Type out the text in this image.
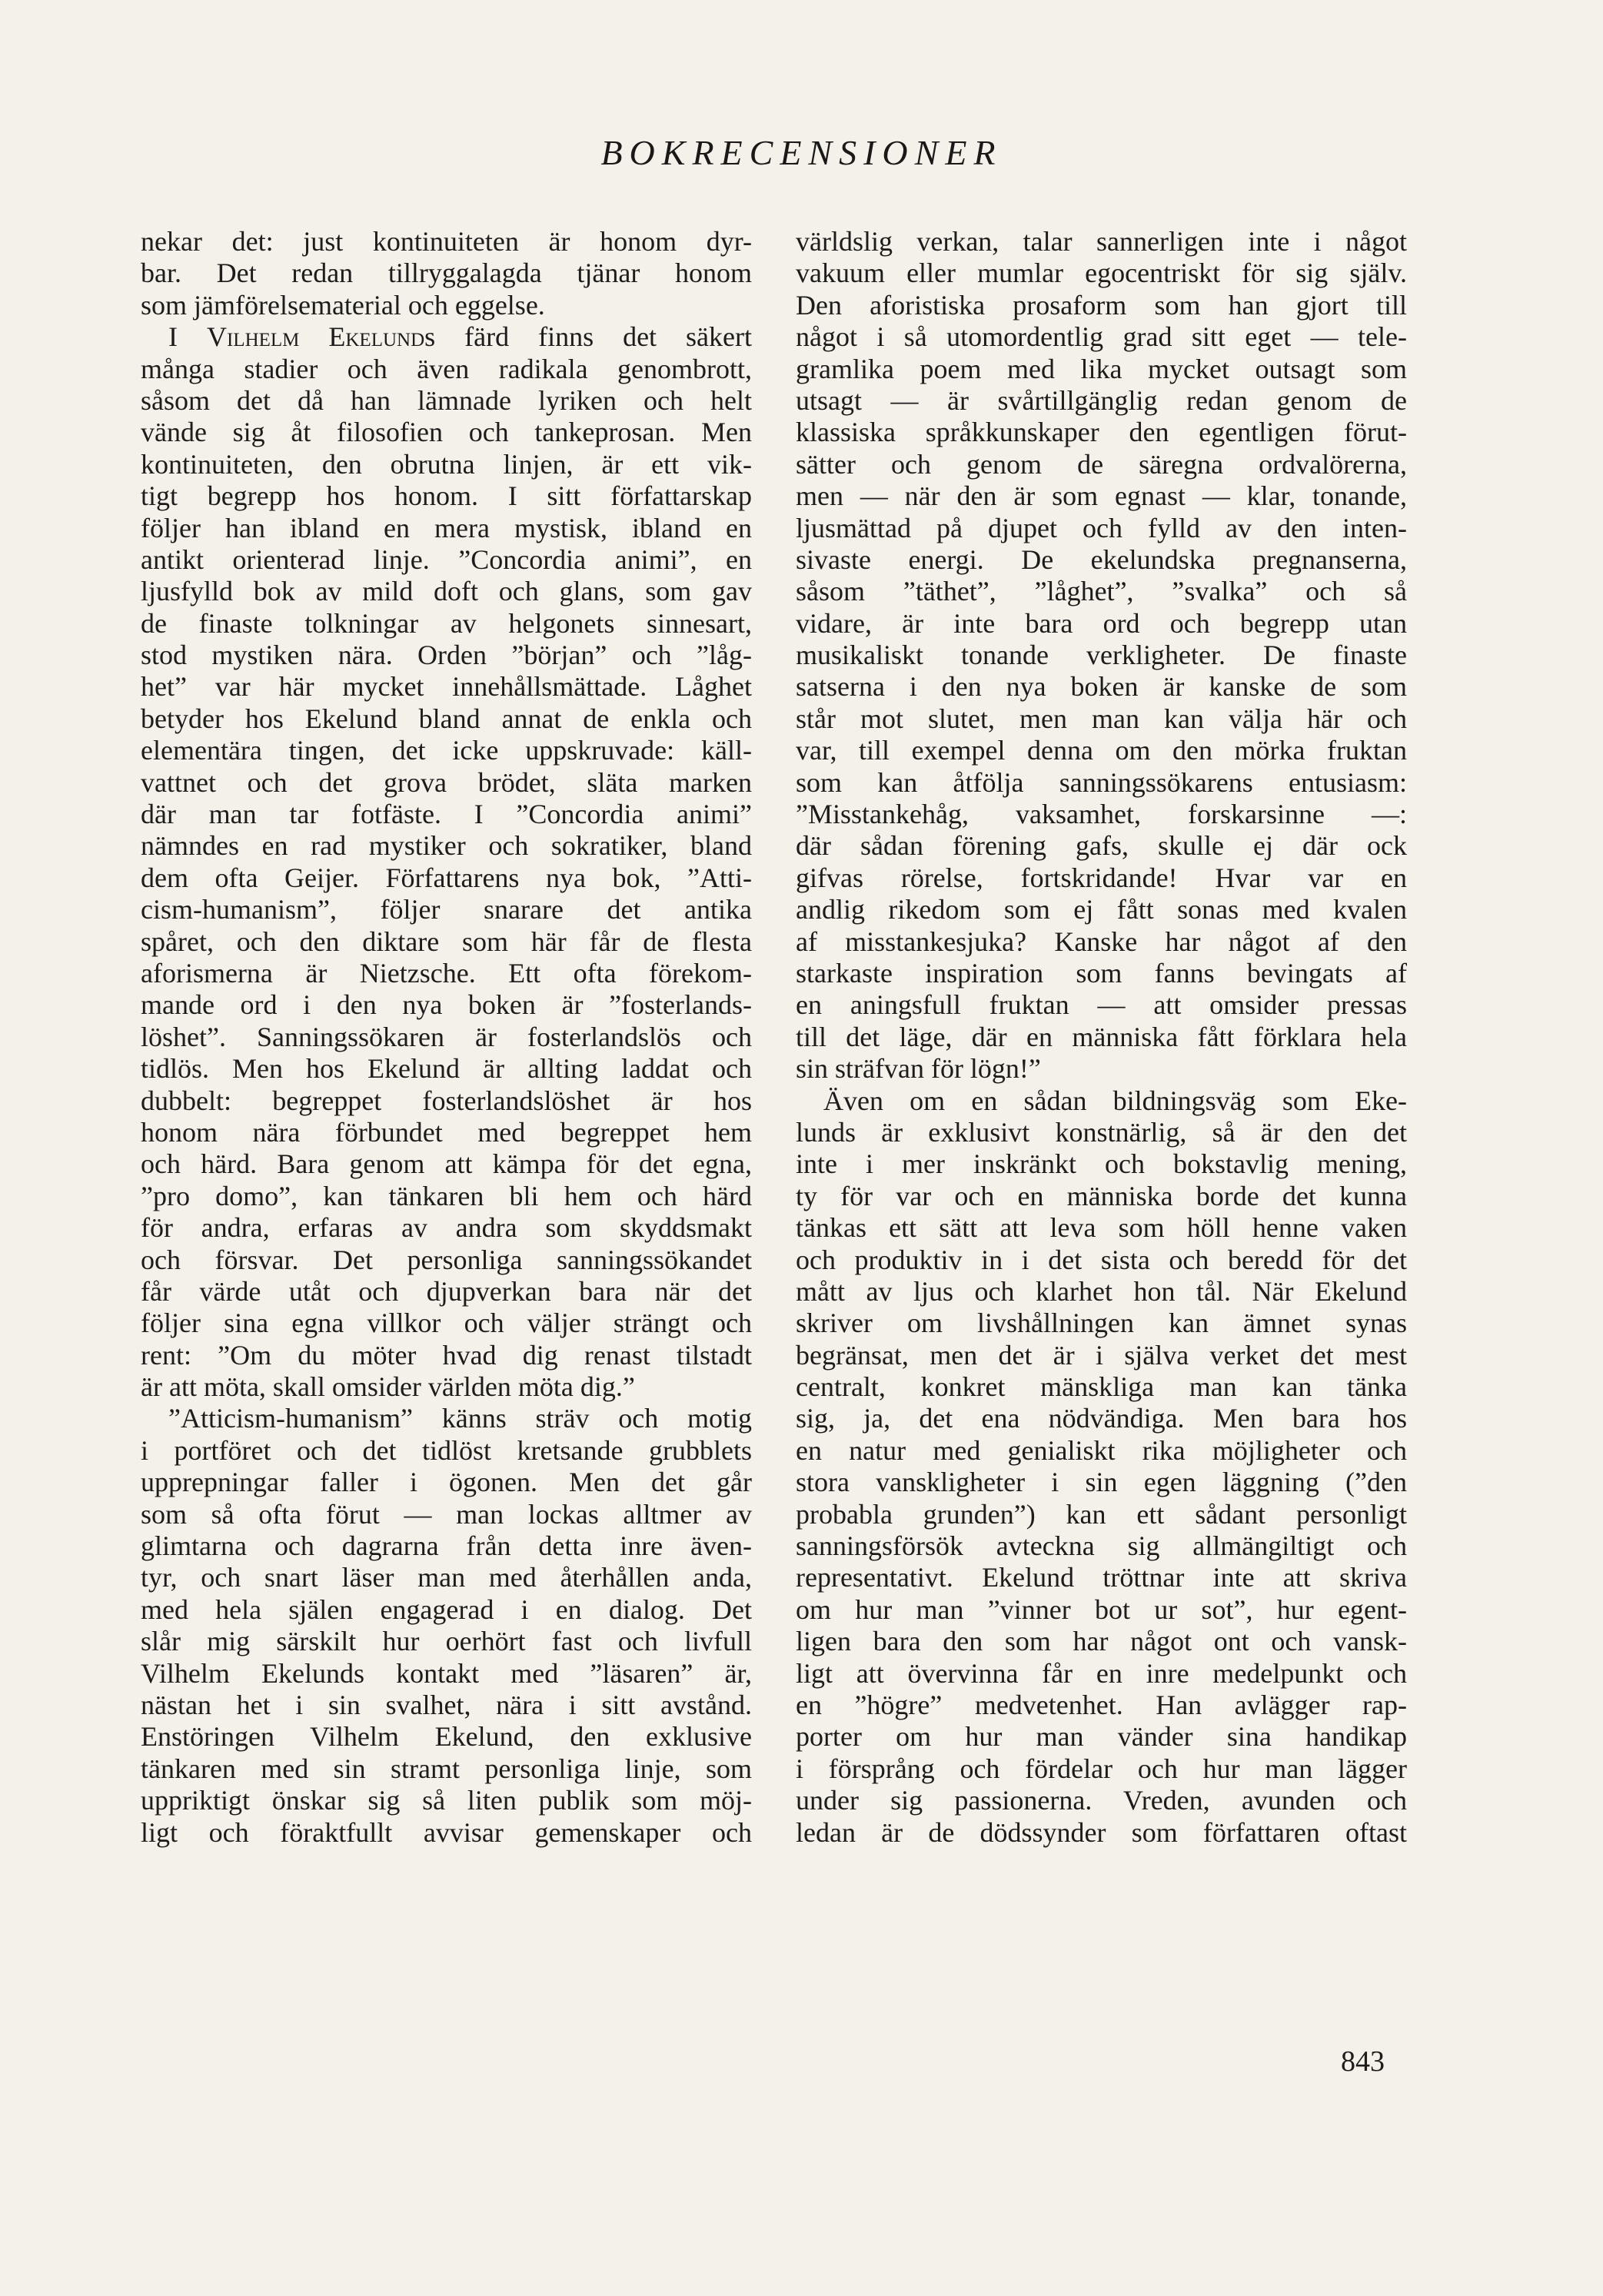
BOKRECENSIONER
nekar det: just kontinuiteten är honom dyr-
bar. Det redan tillryggalagda tjänar honom
som jämförelsematerial och eggelse.
I Vilhelm Ekelunds färd finns det säkert
många stadier och även radikala genombrott,
såsom det då han lämnade lyriken och helt
vände sig åt filosofien och tankeprosan. Men
kontinuiteten, den obrutna linjen, är ett vik-
tigt begrepp hos honom. I sitt författarskap
följer han ibland en mera mystisk, ibland en
antikt orienterad linje. ”Concordia animi”, en
ljusfylld bok av mild doft och glans, som gav
de finaste tolkningar av helgonets sinnesart,
stod mystiken nära. Orden ”början” och ”låg-
het” var här mycket innehållsmättade. Låghet
betyder hos Ekelund bland annat de enkla och
elementära tingen, det icke uppskruvade: käll-
vattnet och det grova brödet, släta marken
där man tar fotfäste. I ”Concordia animi”
nämndes en rad mystiker och sokratiker, bland
dem ofta Geijer. Författarens nya bok, ”Atti-
cism-humanism”, följer snarare det antika
spåret, och den diktare som här får de flesta
aforismerna är Nietzsche. Ett ofta förekom-
mande ord i den nya boken är ”fosterlands-
löshet”. Sanningssökaren är fosterlandslös och
tidlös. Men hos Ekelund är allting laddat och
dubbelt: begreppet fosterlandslöshet är hos
honom nära förbundet med begreppet hem
och härd. Bara genom att kämpa för det egna,
”pro domo”, kan tänkaren bli hem och härd
för andra, erfaras av andra som skyddsmakt
och försvar. Det personliga sanningssökandet
får värde utåt och djupverkan bara när det
följer sina egna villkor och väljer strängt och
rent: ”Om du möter hvad dig renast tilstadt
är att möta, skall omsider världen möta dig.”
”Atticism-humanism” känns sträv och motig
i portföret och det tidlöst kretsande grubblets
upprepningar faller i ögonen. Men det går
som så ofta förut — man lockas alltmer av
glimtarna och dagrarna från detta inre även-
tyr, och snart läser man med återhållen anda,
med hela själen engagerad i en dialog. Det
slår mig särskilt hur oerhört fast och livfull
Vilhelm Ekelunds kontakt med ”läsaren” är,
nästan het i sin svalhet, nära i sitt avstånd.
Enstöringen Vilhelm Ekelund, den exklusive
tänkaren med sin stramt personliga linje, som
uppriktigt önskar sig så liten publik som möj-
ligt och föraktfullt avvisar gemenskaper och
världslig verkan, talar sannerligen inte i något
vakuum eller mumlar egocentriskt för sig själv.
Den aforistiska prosaform som han gjort till
något i så utomordentlig grad sitt eget — tele-
gramlika poem med lika mycket outsagt som
utsagt — är svårtillgänglig redan genom de
klassiska språkkunskaper den egentligen förut-
sätter och genom de säregna ordvalörerna,
men — när den är som egnast — klar, tonande,
ljusmättad på djupet och fylld av den inten-
sivaste energi. De ekelundska pregnanserna,
såsom ”täthet”, ”låghet”, ”svalka” och så
vidare, är inte bara ord och begrepp utan
musikaliskt tonande verkligheter. De finaste
satserna i den nya boken är kanske de som
står mot slutet, men man kan välja här och
var, till exempel denna om den mörka fruktan
som kan åtfölja sanningssökarens entusiasm:
”Misstankehåg, vaksamhet, forskarsinne —:
där sådan förening gafs, skulle ej där ock
gifvas rörelse, fortskridande! Hvar var en
andlig rikedom som ej fått sonas med kvalen
af misstankesjuka? Kanske har något af den
starkaste inspiration som fanns bevingats af
en aningsfull fruktan — att omsider pressas
till det läge, där en människa fått förklara hela
sin sträfvan för lögn!”
Även om en sådan bildningsväg som Eke-
lunds är exklusivt konstnärlig, så är den det
inte i mer inskränkt och bokstavlig mening,
ty för var och en människa borde det kunna
tänkas ett sätt att leva som höll henne vaken
och produktiv in i det sista och beredd för det
mått av ljus och klarhet hon tål. När Ekelund
skriver om livshållningen kan ämnet synas
begränsat, men det är i själva verket det mest
centralt, konkret mänskliga man kan tänka
sig, ja, det ena nödvändiga. Men bara hos
en natur med genialiskt rika möjligheter och
stora vanskligheter i sin egen läggning (”den
probabla grunden”) kan ett sådant personligt
sanningsförsök avteckna sig allmängiltigt och
representativt. Ekelund tröttnar inte att skriva
om hur man ”vinner bot ur sot”, hur egent-
ligen bara den som har något ont och vansk-
ligt att övervinna får en inre medelpunkt och
en ”högre” medvetenhet. Han avlägger rap-
porter om hur man vänder sina handikap
i försprång och fördelar och hur man lägger
under sig passionerna. Vreden, avunden och
ledan är de dödssynder som författaren oftast
843
